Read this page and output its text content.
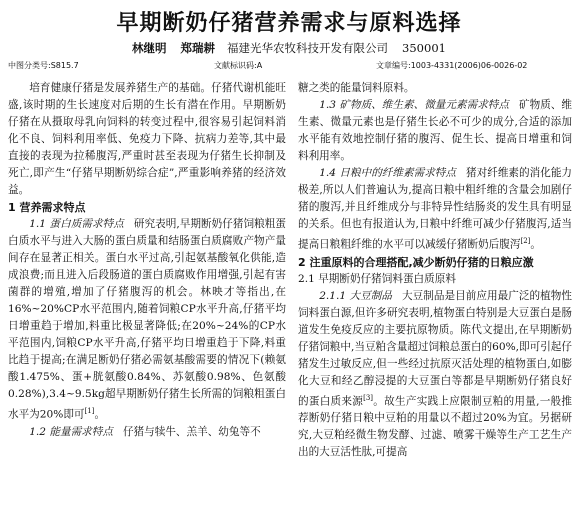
早期断奶仔猪营养需求与原料选择
林继明 郑瑞耕 福建光华农牧科技开发有限公司 350001
中图分类号:S815.7	文献标识码:A	文章编号:1003-4331(2006)06-0026-02

培育健康仔猪是发展养猪生产的基础。仔猪代谢机能旺盛,该时期的生长速度对后期的生长有潜在作用。早期断奶仔猪在从摄取母乳向饲料的转变过程中,很容易引起饲料消化不良、饲料利用率低、免疫力下降、抗病力差等,其中最直接的表现为拉稀腹泻,严重时甚至表现为仔猪生长抑制及死亡,即产生“仔猪早期断奶综合症”,严重影响养猪的经济效益。

1 营养需求特点

1.1 蛋白质需求特点 研究表明,早期断奶仔猪饲粮粗蛋白质水平与进入大肠的蛋白质量和结肠蛋白质腐败产物产量间存在显著正相关。蛋白水平过高,引起氨基酸氧化供能,造成浪费;而且进入后段肠道的蛋白质腐败作用增强,引起有害菌群的增殖,增加了仔猪腹泻的机会。林映才等指出,在16%~20%CP水平范围内,随着饲粮CP水平升高,仔猪平均日增重趋于增加,料重比极显著降低;在20%~24%的CP水平范围内,饲粮CP水平升高,仔猪平均日增重趋于下降,料重比趋于提高;在满足断奶仔猪必需氨基酸需要的情况下(赖氨酸1.475%、蛋+胱氨酸0.84%、苏氨酸0.98%、色氨酸0.28%),3.4~9.5kg超早期断奶仔猪生长所需的饲粮粗蛋白水平为20%即可[1]。

1.2 能量需求特点 仔猪与犊牛、羔羊、幼兔等不

糖之类的能量饲料原料。

1.3 矿物质、维生素、微量元素需求特点 矿物质、维生素、微量元素也是仔猪生长必不可少的成分,合适的添加水平能有效地控制仔猪的腹泻、促生长、提高日增重和饲料利用率。

1.4 日粮中的纤维素需求特点 猪对纤维素的消化能力极差,所以人们普遍认为,提高日粮中粗纤维的含量会加剧仔猪的腹泻,并且纤维成分与非特异性结肠炎的发生具有明显的关系。但也有报道认为,日粮中纤维可减少仔猪腹泻,适当提高日粮粗纤维的水平可以减缓仔猪断奶后腹泻[2]。

2 注重原料的合理搭配,减少断奶仔猪的日粮应激

2.1 早期断奶仔猪饲料蛋白质原料

2.1.1 大豆制品 大豆制品是目前应用最广泛的植物性饲料蛋白源,但许多研究表明,植物蛋白特别是大豆蛋白是肠道发生免疫反应的主要抗原物质。陈代文提出,在早期断奶仔猪饲粮中,当豆粕含量超过饲粮总蛋白的60%,即可引起仔猪发生过敏反应,但一些经过抗原灭活处理的植物蛋白,如膨化大豆和经乙醇浸提的大豆蛋白等都是早期断奶仔猪良好的蛋白质来源[3]。故生产实践上应限制豆粕的用量,一般推荐断奶仔猪日粮中豆粕的用量以不超过20%为宜。另据研究,大豆粕经微生物发酵、过滤、喷雾干燥等生产工艺生产出的大豆活性肽,可提高
